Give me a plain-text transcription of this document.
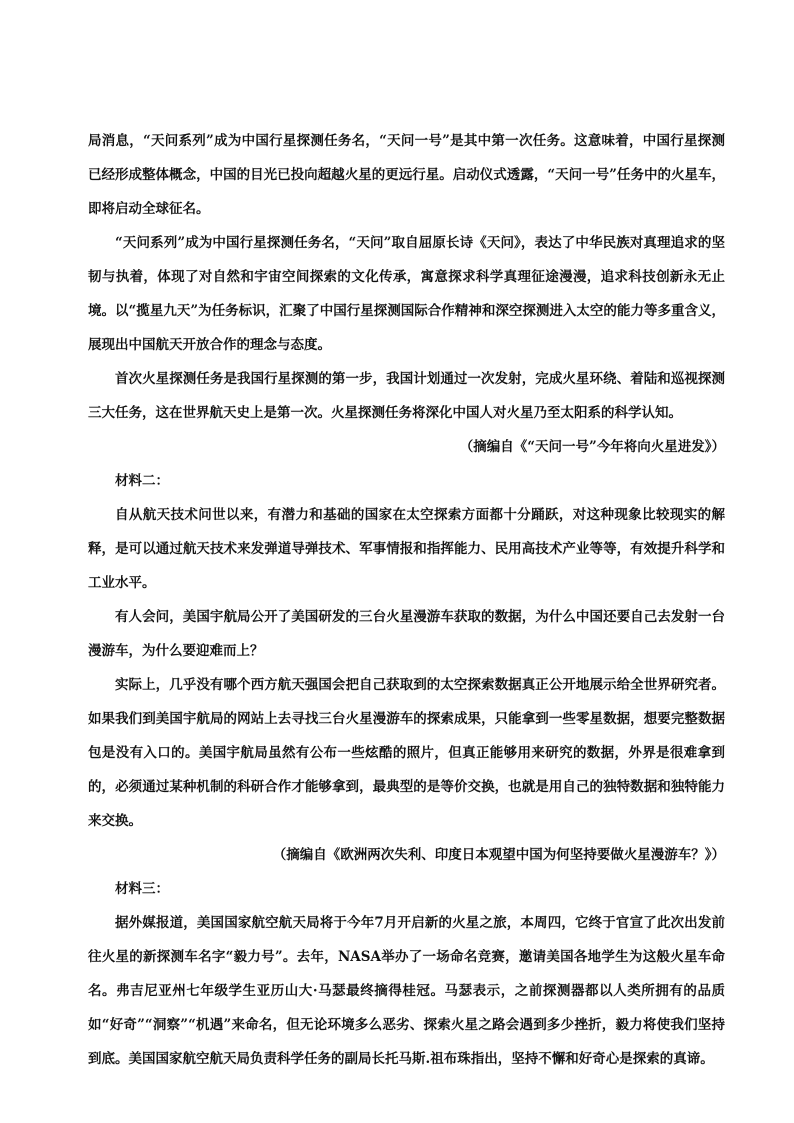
局消息，“天问系列”成为中国行星探测任务名，“天问一号”是其中第一次任务。这意味着，中国行星探测已经形成整体概念，中国的目光已投向超越火星的更远行星。启动仪式透露，“天问一号”任务中的火星车，即将启动全球征名。

“天问系列”成为中国行星探测任务名，“天问”取自屈原长诗《天问》，表达了中华民族对真理追求的坚韧与执着，体现了对自然和宇宙空间探索的文化传承，寓意探求科学真理征途漫漫，追求科技创新永无止境。以“揽星九天”为任务标识，汇聚了中国行星探测国际合作精神和深空探测进入太空的能力等多重含义，展现出中国航天开放合作的理念与态度。

首次火星探测任务是我国行星探测的第一步，我国计划通过一次发射，完成火星环绕、着陆和巡视探测三大任务，这在世界航天史上是第一次。火星探测任务将深化中国人对火星乃至太阳系的科学认知。

（摘编自《“天问一号”今年将向火星进发》）

材料二：

自从航天技术问世以来，有潜力和基础的国家在太空探索方面都十分踊跃，对这种现象比较现实的解释，是可以通过航天技术来发弹道导弹技术、军事情报和指挥能力、民用高技术产业等等，有效提升科学和工业水平。

有人会问，美国宇航局公开了美国研发的三台火星漫游车获取的数据，为什么中国还要自己去发射一台漫游车，为什么要迎难而上？

实际上，几乎没有哪个西方航天强国会把自己获取到的太空探索数据真正公开地展示给全世界研究者。如果我们到美国宇航局的网站上去寻找三台火星漫游车的探索成果，只能拿到一些零星数据，想要完整数据包是没有入口的。美国宇航局虽然有公布一些炫酷的照片，但真正能够用来研究的数据，外界是很难拿到的，必须通过某种机制的科研合作才能够拿到，最典型的是等价交换，也就是用自己的独特数据和独特能力来交换。

（摘编自《欧洲两次失利、印度日本观望中国为何坚持要做火星漫游车？》）

材料三：

据外媒报道，美国国家航空航天局将于今年7月开启新的火星之旅，本周四，它终于官宣了此次出发前往火星的新探测车名字“毅力号”。去年，NASA举办了一场命名竞赛，邀请美国各地学生为这般火星车命名。弗吉尼亚州七年级学生亚历山大·马瑟最终摘得桂冠。马瑟表示，之前探测器都以人类所拥有的品质如“好奇”“洞察”“机遇”来命名，但无论环境多么恶劣、探索火星之路会遇到多少挫折，毅力将使我们坚持到底。美国国家航空航天局负责科学任务的副局长托马斯.祖布珠指出，坚持不懈和好奇心是探索的真谛。
